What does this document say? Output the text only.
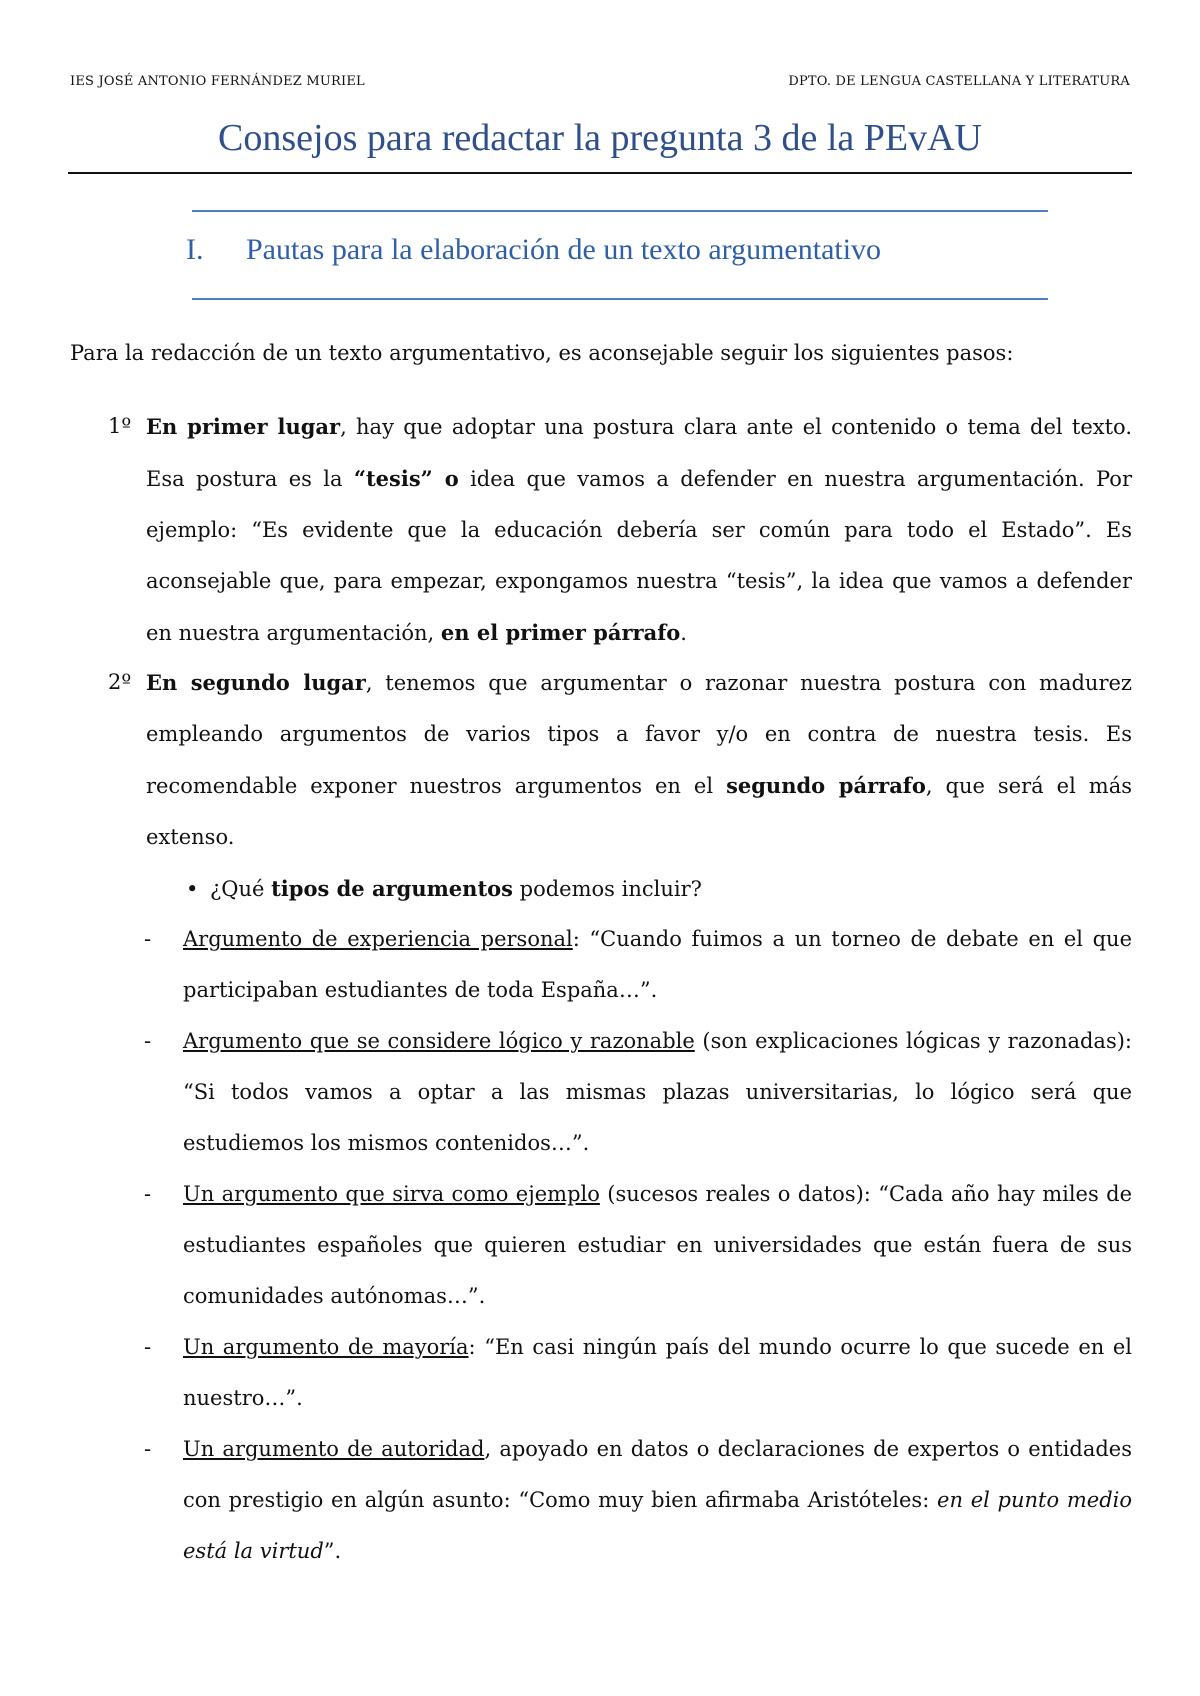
IES JOSÉ ANTONIO FERNÁNDEZ MURIEL	DPTO. DE LENGUA CASTELLANA Y LITERATURA
Consejos para redactar la pregunta 3 de la PEvAU
I. Pautas para la elaboración de un texto argumentativo
Para la redacción de un texto argumentativo, es aconsejable seguir los siguientes pasos:
1º En primer lugar, hay que adoptar una postura clara ante el contenido o tema del texto. Esa postura es la “tesis” o idea que vamos a defender en nuestra argumentación. Por ejemplo: “Es evidente que la educación debería ser común para todo el Estado”. Es aconsejable que, para empezar, expongamos nuestra “tesis”, la idea que vamos a defender en nuestra argumentación, en el primer párrafo.
2º En segundo lugar, tenemos que argumentar o razonar nuestra postura con madurez empleando argumentos de varios tipos a favor y/o en contra de nuestra tesis. Es recomendable exponer nuestros argumentos en el segundo párrafo, que será el más extenso.
• ¿Qué tipos de argumentos podemos incluir?
-	Argumento de experiencia personal: “Cuando fuimos a un torneo de debate en el que participaban estudiantes de toda España…”.
-	Argumento que se considere lógico y razonable (son explicaciones lógicas y razonadas): “Si todos vamos a optar a las mismas plazas universitarias, lo lógico será que estudiemos los mismos contenidos…”.
-	Un argumento que sirva como ejemplo (sucesos reales o datos): “Cada año hay miles de estudiantes españoles que quieren estudiar en universidades que están fuera de sus comunidades autónomas…”.
-	Un argumento de mayoría: “En casi ningún país del mundo ocurre lo que sucede en el nuestro…”.
-	Un argumento de autoridad, apoyado en datos o declaraciones de expertos o entidades con prestigio en algún asunto: “Como muy bien afirmaba Aristóteles: en el punto medio está la virtud”.
